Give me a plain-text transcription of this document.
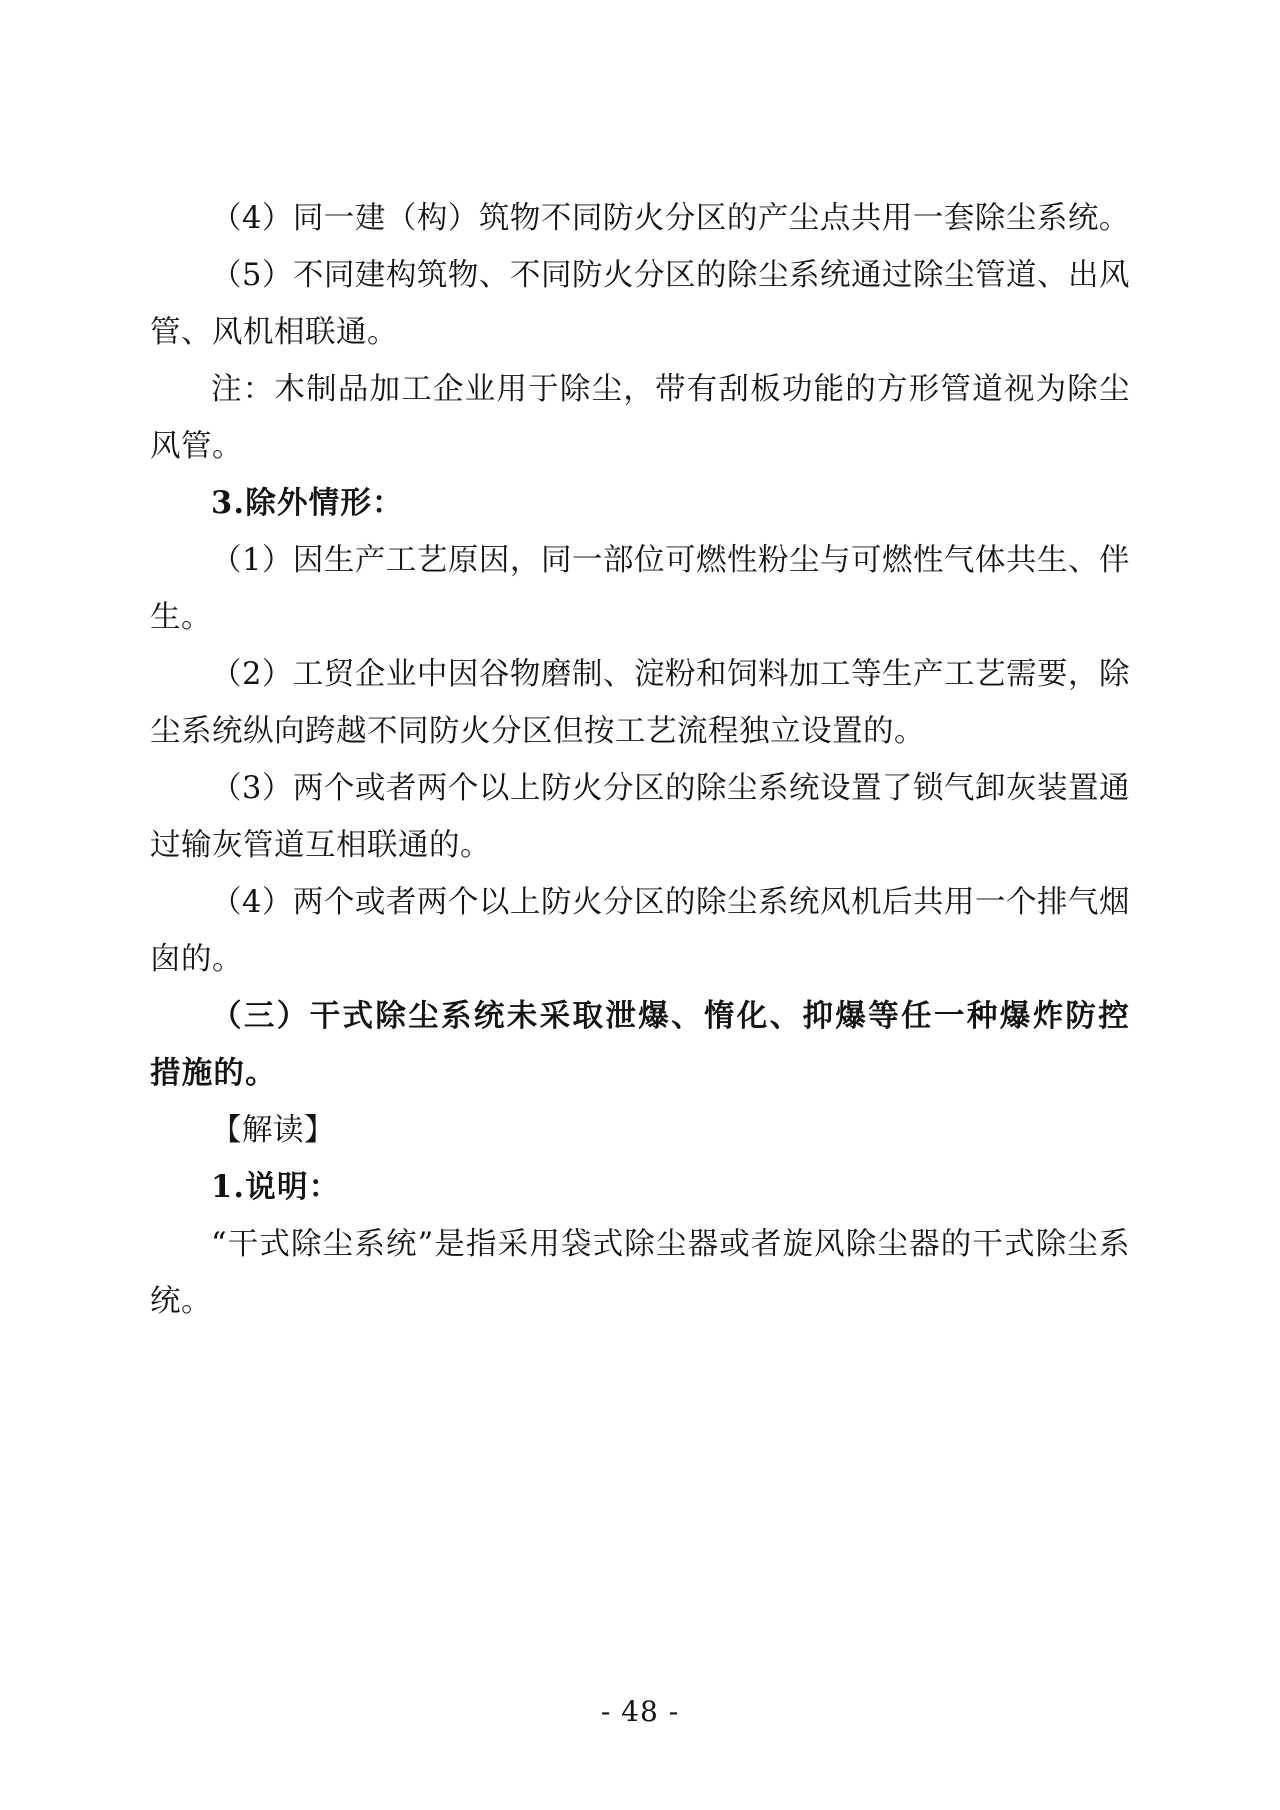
（4）同一建（构）筑物不同防火分区的产尘点共用一套除尘系统。

（5）不同建构筑物、不同防火分区的除尘系统通过除尘管道、出风管、风机相联通。

注：木制品加工企业用于除尘，带有刮板功能的方形管道视为除尘风管。

3.除外情形：

（1）因生产工艺原因，同一部位可燃性粉尘与可燃性气体共生、伴生。

（2）工贸企业中因谷物磨制、淀粉和饲料加工等生产工艺需要，除尘系统纵向跨越不同防火分区但按工艺流程独立设置的。

（3）两个或者两个以上防火分区的除尘系统设置了锁气卸灰装置通过输灰管道互相联通的。

（4）两个或者两个以上防火分区的除尘系统风机后共用一个排气烟囱的。

（三）干式除尘系统未采取泄爆、惰化、抑爆等任一种爆炸防控措施的。

【解读】

1.说明：

“干式除尘系统”是指采用袋式除尘器或者旋风除尘器的干式除尘系统。

- 48 -
